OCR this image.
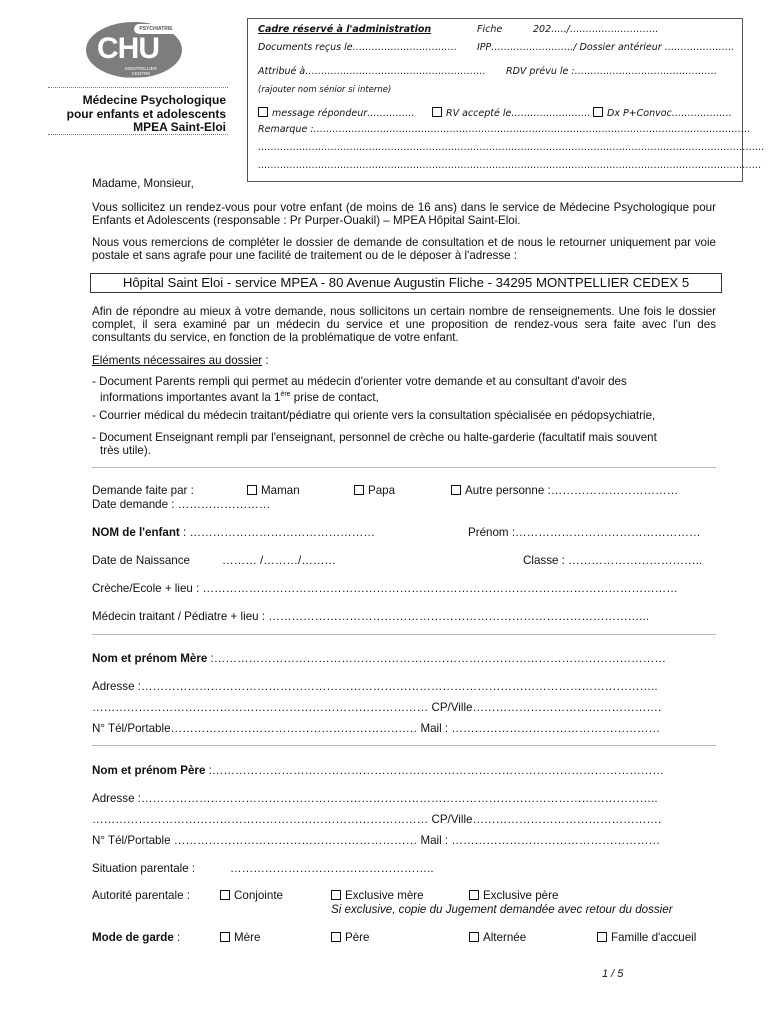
PSYCHIATRIE
CHU
MONTPELLIER CENTRE HOSPITALIER UNIVERSITAIRE
Médecine Psychologique
pour enfants et adolescents
MPEA Saint-Eloi
Cadre réservé à l'administration	Fiche	202…../……………………….
Documents reçus le…………………………… IPP……………………../ Dossier antérieur ………………….
Attribué à………………………………………………… RDV prévu le :………………………………………
(rajouter nom sénior si interne)
message répondeur……………	RV accepté le…………………….	Dx P+Convoc……………….
Remarque :…………………………………………………………………………………………………………………………
…………………………………………………………………………………………………………………………………………….
……………………………………………………………………………………………………………………………………………
Madame, Monsieur,
Vous sollicitez un rendez-vous pour votre enfant (de moins de 16 ans) dans le service de Médecine Psychologique pour Enfants et Adolescents (responsable : Pr Purper-Ouakil) – MPEA Hôpital Saint-Eloi.
Nous vous remercions de compléter le dossier de demande de consultation et de nous le retourner uniquement par voie postale et sans agrafe pour une facilité de traitement ou de le déposer à l'adresse :
Hôpital Saint Eloi - service MPEA - 80 Avenue Augustin Fliche - 34295 MONTPELLIER CEDEX 5
Afin de répondre au mieux à votre demande, nous sollicitons un certain nombre de renseignements. Une fois le dossier complet, il sera examiné par un médecin du service et une proposition de rendez-vous sera faite avec l'un des consultants du service, en fonction de la problématique de votre enfant.
Eléments nécessaires au dossier :
- Document Parents rempli qui permet au médecin d'orienter votre demande et au consultant d'avoir des
informations importantes avant la 1ère prise de contact,
- Courrier médical du médecin traitant/pédiatre qui oriente vers la consultation spécialisée en pédopsychiatrie,
- Document Enseignant rempli par l'enseignant, personnel de crèche ou halte-garderie (facultatif mais souvent
très utile).
Demande faite par :	Maman	Papa	Autre personne :……………………………
Date demande : ……………………
NOM de l'enfant : …………………………………………	Prénom :…………………………………………
Date de Naissance	……… /………/………	Classe : ……………………………..
Crèche/Ecole + lieu : ……………………………………………………………………………………………………………
Médecin traitant / Pédiatre + lieu : ……………………………………………………………………………………...
Nom et prénom Mère :………………………………………………………………………………………………………
Adresse :……………………………………………………………………………………………………………………..
…………………………………………………………………………… CP/Ville………………………………………….
N° Tél/Portable…………………………………………………….… Mail : ………………………………………………
Nom et prénom Père :………………………………………………………………………………………………………
Adresse :……………………………………………………………………………………………………………………..
…………………………………………………………………………… CP/Ville………………………………………….
N° Tél/Portable ……………………………………………………… Mail : ………………………………………………
Situation parentale :	……………………………………………..
Autorité parentale :	Conjointe	Exclusive mère	Exclusive père
Si exclusive, copie du Jugement demandée avec retour du dossier
Mode de garde :	Mère	Père	Alternée	Famille d'accueil
1 / 5
